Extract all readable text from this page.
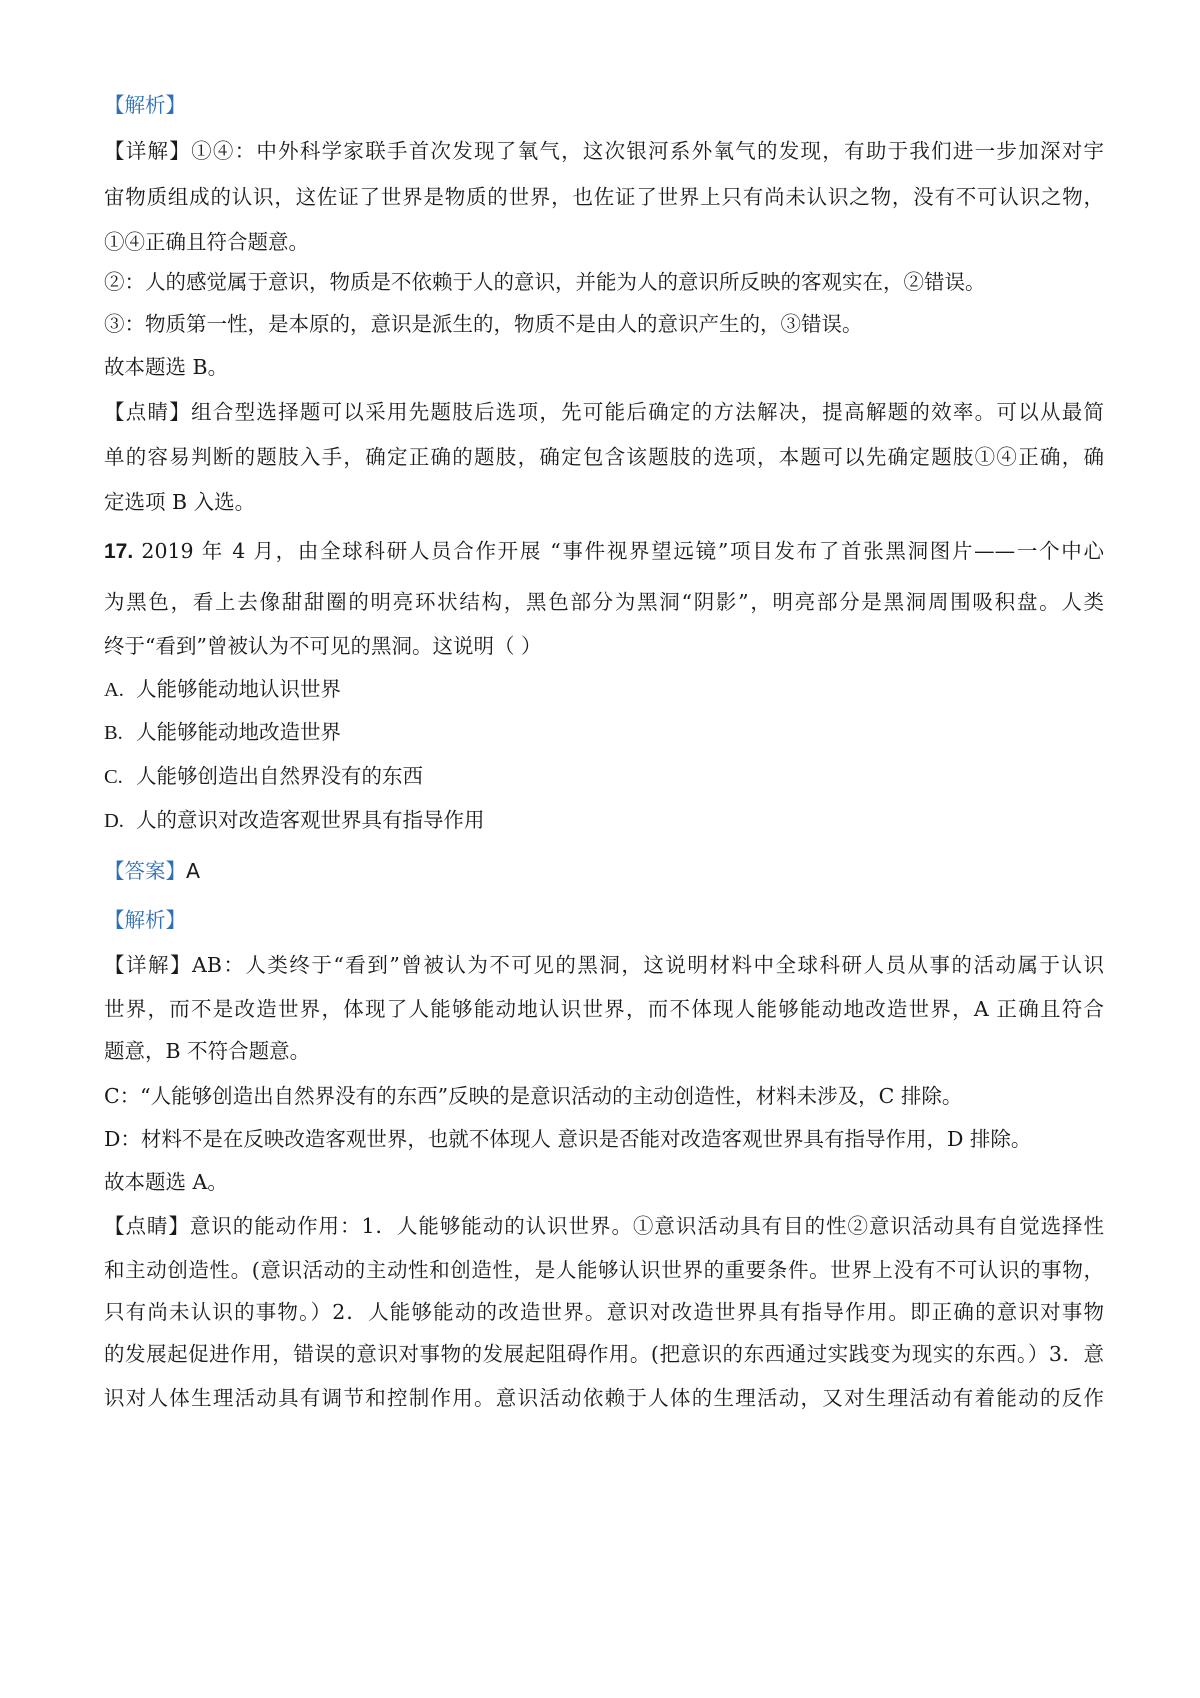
【解析】
【详解】①④：中外科学家联手首次发现了氧气，这次银河系外氧气的发现，有助于我们进一步加深对宇
宙物质组成的认识，这佐证了世界是物质的世界，也佐证了世界上只有尚未认识之物，没有不可认识之物，
①④正确且符合题意。
②：人的感觉属于意识，物质是不依赖于人的意识，并能为人的意识所反映的客观实在，②错误。
③：物质第一性，是本原的，意识是派生的，物质不是由人的意识产生的，③错误。
故本题选 B。
【点睛】组合型选择题可以采用先题肢后选项，先可能后确定的方法解决，提高解题的效率。可以从最简
单的容易判断的题肢入手，确定正确的题肢，确定包含该题肢的选项，本题可以先确定题肢①④正确，确
定选项 B 入选。
17. 2019 年 4 月，由全球科研人员合作开展 “事件视界望远镜”项目发布了首张黑洞图片——一个中心
为黑色，看上去像甜甜圈的明亮环状结构，黑色部分为黑洞“阴影”，明亮部分是黑洞周围吸积盘。人类
终于“看到”曾被认为不可见的黑洞。这说明（ ）
A. 人能够能动地认识世界
B. 人能够能动地改造世界
C. 人能够创造出自然界没有的东西
D. 人的意识对改造客观世界具有指导作用
【答案】A
【解析】
【详解】AB：人类终于“看到”曾被认为不可见的黑洞，这说明材料中全球科研人员从事的活动属于认识
世界，而不是改造世界，体现了人能够能动地认识世界，而不体现人能够能动地改造世界，A 正确且符合
题意，B 不符合题意。
C：“人能够创造出自然界没有的东西”反映的是意识活动的主动创造性，材料未涉及，C 排除。
D：材料不是在反映改造客观世界，也就不体现人 意识是否能对改造客观世界具有指导作用，D 排除。
故本题选 A。
【点睛】意识的能动作用：1．人能够能动的认识世界。①意识活动具有目的性②意识活动具有自觉选择性
和主动创造性。(意识活动的主动性和创造性，是人能够认识世界的重要条件。世界上没有不可认识的事物，
只有尚未认识的事物。）2．人能够能动的改造世界。意识对改造世界具有指导作用。即正确的意识对事物
的发展起促进作用，错误的意识对事物的发展起阻碍作用。(把意识的东西通过实践变为现实的东西。）3．意
识对人体生理活动具有调节和控制作用。意识活动依赖于人体的生理活动，又对生理活动有着能动的反作
